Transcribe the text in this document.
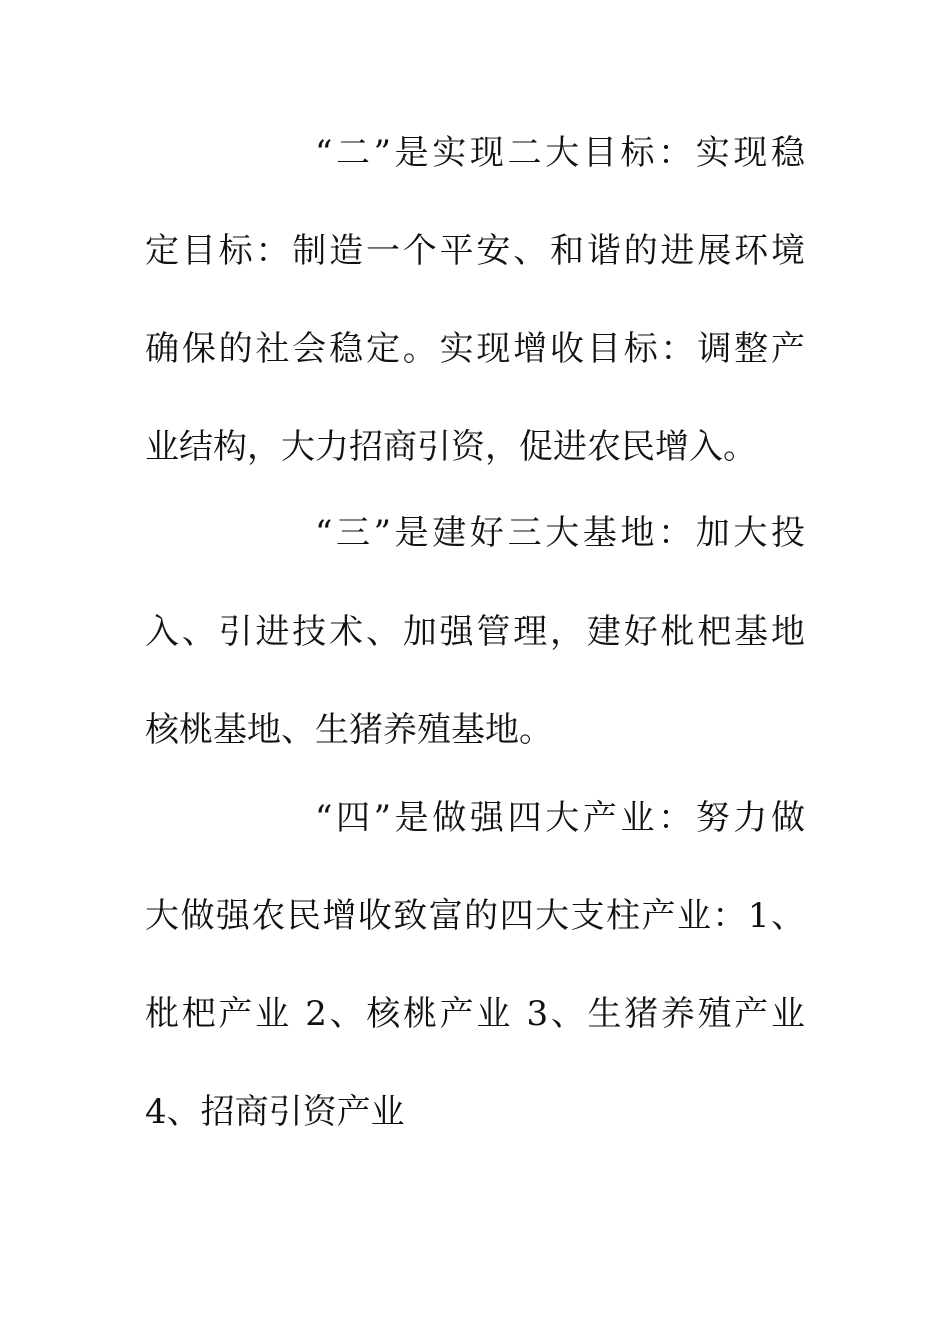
“二”是实现二大目标：实现稳
定目标：制造一个平安、和谐的进展环境
确保的社会稳定。实现增收目标：调整产
业结构，大力招商引资，促进农民增入。
“三”是建好三大基地：加大投
入、引进技术、加强管理，建好枇杷基地
核桃基地、生猪养殖基地。
“四”是做强四大产业：努力做
大做强农民增收致富的四大支柱产业：1、
枇杷产业 2、核桃产业 3、生猪养殖产业
4、招商引资产业
